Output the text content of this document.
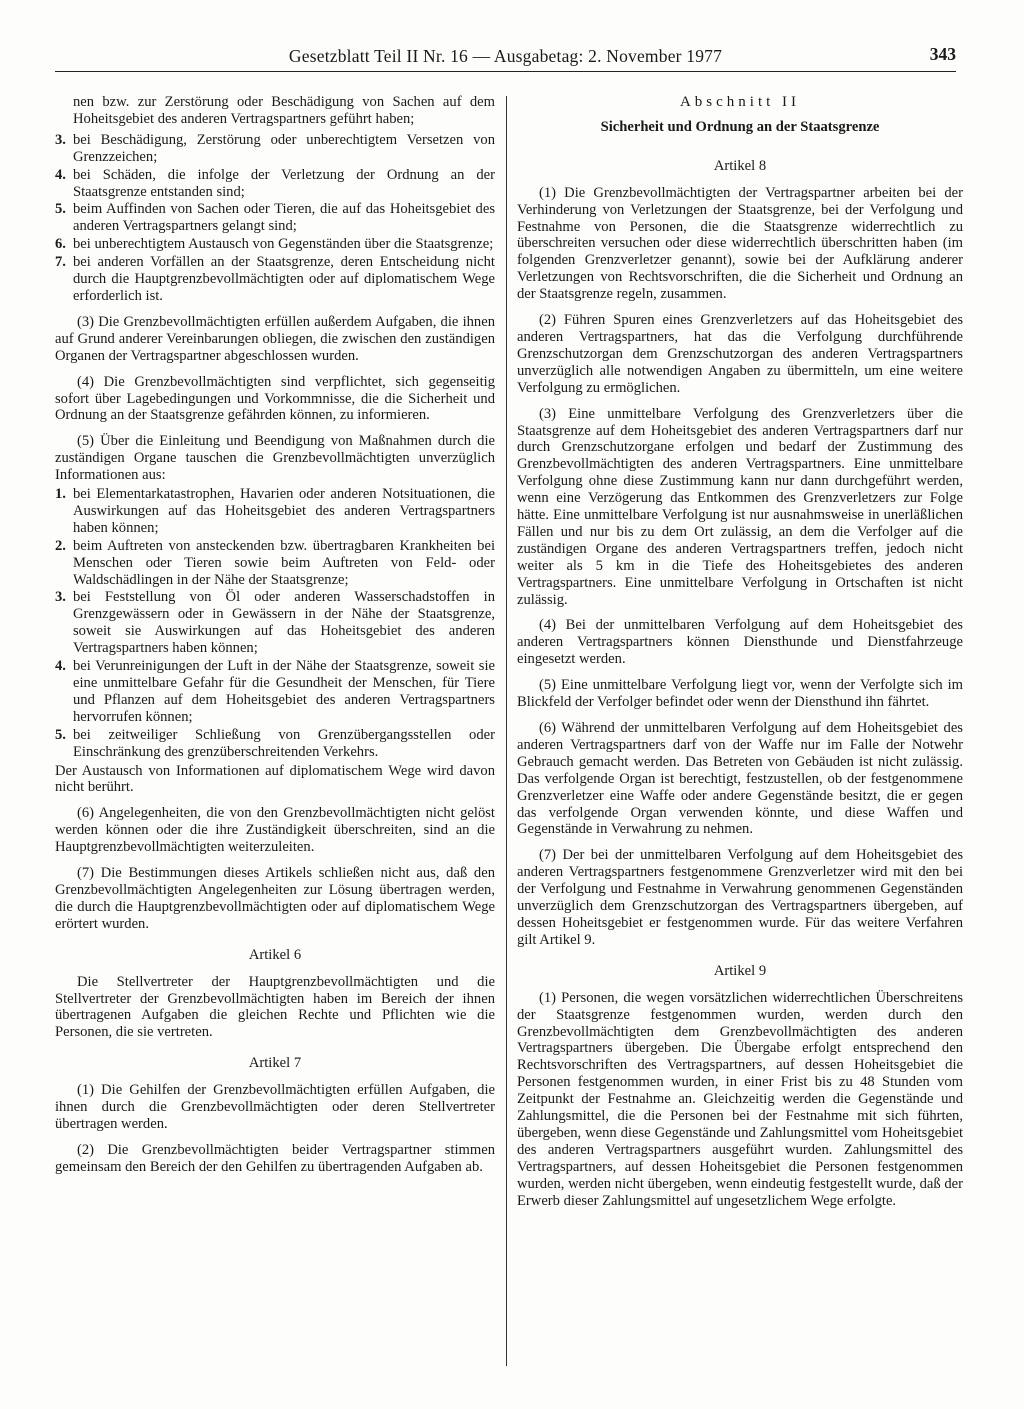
Gesetzblatt Teil II Nr. 16 — Ausgabetag: 2. November 1977	343

nen bzw. zur Zerstörung oder Beschädigung von Sachen auf dem Hoheitsgebiet des anderen Vertragspartners geführt haben;

3. bei Beschädigung, Zerstörung oder unberechtigtem Versetzen von Grenzzeichen;
4. bei Schäden, die infolge der Verletzung der Ordnung an der Staatsgrenze entstanden sind;
5. beim Auffinden von Sachen oder Tieren, die auf das Hoheitsgebiet des anderen Vertragspartners gelangt sind;
6. bei unberechtigtem Austausch von Gegenständen über die Staatsgrenze;
7. bei anderen Vorfällen an der Staatsgrenze, deren Entscheidung nicht durch die Hauptgrenzbevollmächtigten oder auf diplomatischem Wege erforderlich ist.

(3) Die Grenzbevollmächtigten erfüllen außerdem Aufgaben, die ihnen auf Grund anderer Vereinbarungen obliegen, die zwischen den zuständigen Organen der Vertragspartner abgeschlossen wurden.

(4) Die Grenzbevollmächtigten sind verpflichtet, sich gegenseitig sofort über Lagebedingungen und Vorkommnisse, die die Sicherheit und Ordnung an der Staatsgrenze gefährden können, zu informieren.

(5) Über die Einleitung und Beendigung von Maßnahmen durch die zuständigen Organe tauschen die Grenzbevollmächtigten unverzüglich Informationen aus:

1. bei Elementarkatastrophen, Havarien oder anderen Notsituationen, die Auswirkungen auf das Hoheitsgebiet des anderen Vertragspartners haben können;
2. beim Auftreten von ansteckenden bzw. übertragbaren Krankheiten bei Menschen oder Tieren sowie beim Auftreten von Feld- oder Waldschädlingen in der Nähe der Staatsgrenze;
3. bei Feststellung von Öl oder anderen Wasserschadstoffen in Grenzgewässern oder in Gewässern in der Nähe der Staatsgrenze, soweit sie Auswirkungen auf das Hoheitsgebiet des anderen Vertragspartners haben können;
4. bei Verunreinigungen der Luft in der Nähe der Staatsgrenze, soweit sie eine unmittelbare Gefahr für die Gesundheit der Menschen, für Tiere und Pflanzen auf dem Hoheitsgebiet des anderen Vertragspartners hervorrufen können;
5. bei zeitweiliger Schließung von Grenzübergangsstellen oder Einschränkung des grenzüberschreitenden Verkehrs.

Der Austausch von Informationen auf diplomatischem Wege wird davon nicht berührt.

(6) Angelegenheiten, die von den Grenzbevollmächtigten nicht gelöst werden können oder die ihre Zuständigkeit überschreiten, sind an die Hauptgrenzbevollmächtigten weiterzuleiten.

(7) Die Bestimmungen dieses Artikels schließen nicht aus, daß den Grenzbevollmächtigten Angelegenheiten zur Lösung übertragen werden, die durch die Hauptgrenzbevollmächtigten oder auf diplomatischem Wege erörtert wurden.

Artikel 6

Die Stellvertreter der Hauptgrenzbevollmächtigten und die Stellvertreter der Grenzbevollmächtigten haben im Bereich der ihnen übertragenen Aufgaben die gleichen Rechte und Pflichten wie die Personen, die sie vertreten.

Artikel 7

(1) Die Gehilfen der Grenzbevollmächtigten erfüllen Aufgaben, die ihnen durch die Grenzbevollmächtigten oder deren Stellvertreter übertragen werden.

(2) Die Grenzbevollmächtigten beider Vertragspartner stimmen gemeinsam den Bereich der den Gehilfen zu übertragenden Aufgaben ab.

Abschnitt II
Sicherheit und Ordnung an der Staatsgrenze
Artikel 8

(1) Die Grenzbevollmächtigten der Vertragspartner arbeiten bei der Verhinderung von Verletzungen der Staatsgrenze, bei der Verfolgung und Festnahme von Personen, die die Staatsgrenze widerrechtlich zu überschreiten versuchen oder diese widerrechtlich überschritten haben (im folgenden Grenzverletzer genannt), sowie bei der Aufklärung anderer Verletzungen von Rechtsvorschriften, die die Sicherheit und Ordnung an der Staatsgrenze regeln, zusammen.

(2) Führen Spuren eines Grenzverletzers auf das Hoheitsgebiet des anderen Vertragspartners, hat das die Verfolgung durchführende Grenzschutzorgan dem Grenzschutzorgan des anderen Vertragspartners unverzüglich alle notwendigen Angaben zu übermitteln, um eine weitere Verfolgung zu ermöglichen.

(3) Eine unmittelbare Verfolgung des Grenzverletzers über die Staatsgrenze auf dem Hoheitsgebiet des anderen Vertragspartners darf nur durch Grenzschutzorgane erfolgen und bedarf der Zustimmung des Grenzbevollmächtigten des anderen Vertragspartners. Eine unmittelbare Verfolgung ohne diese Zustimmung kann nur dann durchgeführt werden, wenn eine Verzögerung das Entkommen des Grenzverletzers zur Folge hätte. Eine unmittelbare Verfolgung ist nur ausnahmsweise in unerläßlichen Fällen und nur bis zu dem Ort zulässig, an dem die Verfolger auf die zuständigen Organe des anderen Vertragspartners treffen, jedoch nicht weiter als 5 km in die Tiefe des Hoheitsgebietes des anderen Vertragspartners. Eine unmittelbare Verfolgung in Ortschaften ist nicht zulässig.

(4) Bei der unmittelbaren Verfolgung auf dem Hoheitsgebiet des anderen Vertragspartners können Diensthunde und Dienstfahrzeuge eingesetzt werden.

(5) Eine unmittelbare Verfolgung liegt vor, wenn der Verfolgte sich im Blickfeld der Verfolger befindet oder wenn der Diensthund ihn fährtet.

(6) Während der unmittelbaren Verfolgung auf dem Hoheitsgebiet des anderen Vertragspartners darf von der Waffe nur im Falle der Notwehr Gebrauch gemacht werden. Das Betreten von Gebäuden ist nicht zulässig. Das verfolgende Organ ist berechtigt, festzustellen, ob der festgenommene Grenzverletzer eine Waffe oder andere Gegenstände besitzt, die er gegen das verfolgende Organ verwenden könnte, und diese Waffen und Gegenstände in Verwahrung zu nehmen.

(7) Der bei der unmittelbaren Verfolgung auf dem Hoheitsgebiet des anderen Vertragspartners festgenommene Grenzverletzer wird mit den bei der Verfolgung und Festnahme in Verwahrung genommenen Gegenständen unverzüglich dem Grenzschutzorgan des Vertragspartners übergeben, auf dessen Hoheitsgebiet er festgenommen wurde. Für das weitere Verfahren gilt Artikel 9.

Artikel 9

(1) Personen, die wegen vorsätzlichen widerrechtlichen Überschreitens der Staatsgrenze festgenommen wurden, werden durch den Grenzbevollmächtigten dem Grenzbevollmächtigten des anderen Vertragspartners übergeben. Die Übergabe erfolgt entsprechend den Rechtsvorschriften des Vertragspartners, auf dessen Hoheitsgebiet die Personen festgenommen wurden, in einer Frist bis zu 48 Stunden vom Zeitpunkt der Festnahme an. Gleichzeitig werden die Gegenstände und Zahlungsmittel, die die Personen bei der Festnahme mit sich führten, übergeben, wenn diese Gegenstände und Zahlungsmittel vom Hoheitsgebiet des anderen Vertragspartners ausgeführt wurden. Zahlungsmittel des Vertragspartners, auf dessen Hoheitsgebiet die Personen festgenommen wurden, werden nicht übergeben, wenn eindeutig festgestellt wurde, daß der Erwerb dieser Zahlungsmittel auf ungesetzlichem Wege erfolgte.
